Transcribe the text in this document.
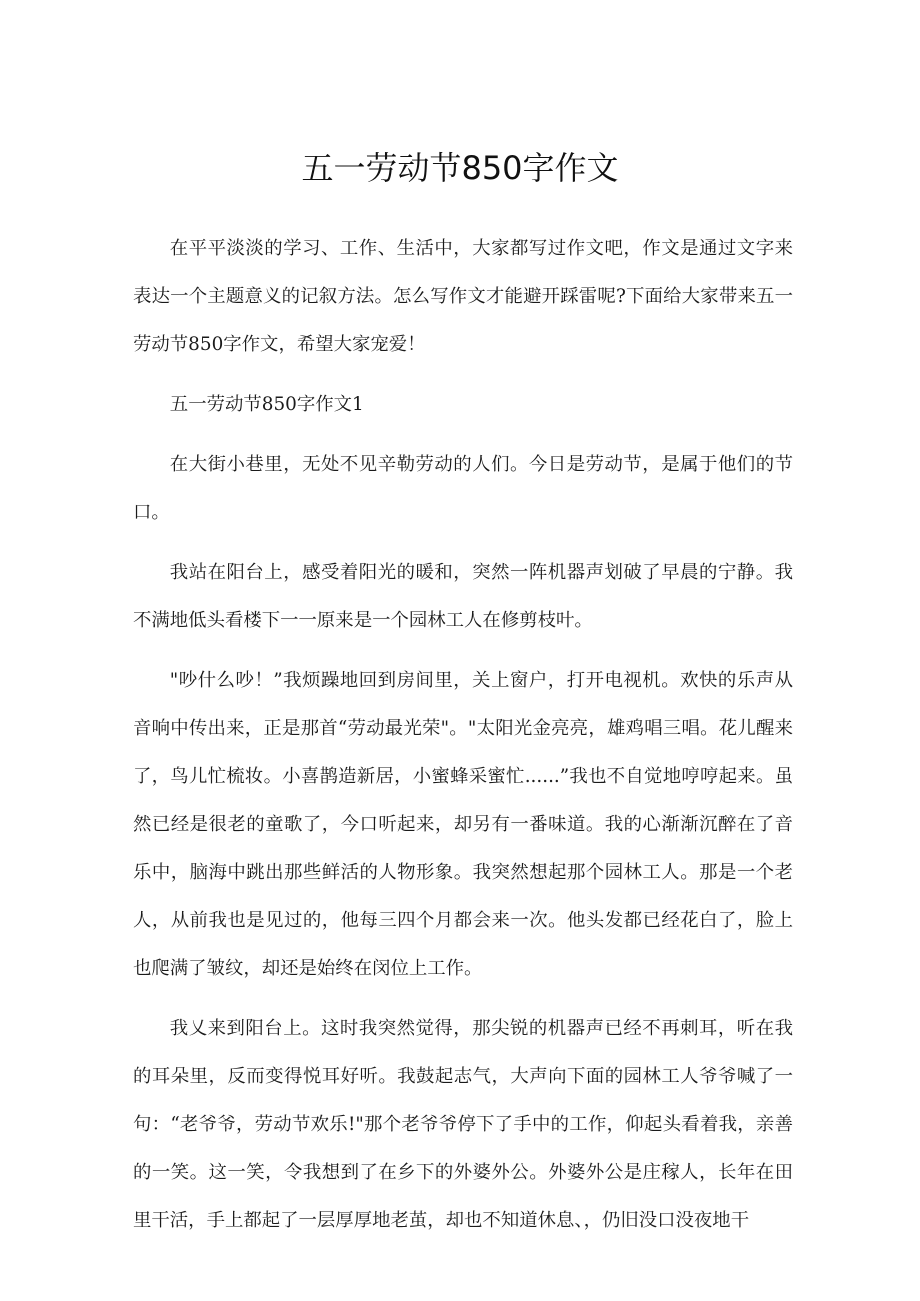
五一劳动节850字作文

在平平淡淡的学习、工作、生活中，大家都写过作文吧，作文是通过文字来表达一个主题意义的记叙方法。怎么写作文才能避开踩雷呢?下面给大家带来五一劳动节850字作文，希望大家宠爱！

五一劳动节850字作文1

在大街小巷里，无处不见辛勒劳动的人们。今日是劳动节，是属于他们的节口。

我站在阳台上，感受着阳光的暖和，突然一阵机器声划破了早晨的宁静。我不满地低头看楼下一一原来是一个园林工人在修剪枝叶。

"吵什么吵！”我烦躁地回到房间里，关上窗户，打开电视机。欢快的乐声从音响中传出来，正是那首“劳动最光荣"。"太阳光金亮亮，雄鸡唱三唱。花儿醒来了，鸟儿忙梳妆。小喜鹊造新居，小蜜蜂采蜜忙......”我也不自觉地哼哼起来。虽然已经是很老的童歌了，今口听起来，却另有一番味道。我的心渐渐沉醉在了音乐中，脑海中跳出那些鲜活的人物形象。我突然想起那个园林工人。那是一个老人，从前我也是见过的，他每三四个月都会来一次。他头发都已经花白了，脸上也爬满了皱纹，却还是始终在闵位上工作。

我乂来到阳台上。这时我突然觉得，那尖锐的机器声已经不再刺耳，听在我的耳朵里，反而变得悦耳好听。我鼓起志气，大声向下面的园林工人爷爷喊了一句：“老爷爷，劳动节欢乐!"那个老爷爷停下了手中的工作，仰起头看着我，亲善的一笑。这一笑，令我想到了在乡下的外婆外公。外婆外公是庄稼人，长年在田里干活，手上都起了一层厚厚地老茧，却也不知道休息、，仍旧没口没夜地干
